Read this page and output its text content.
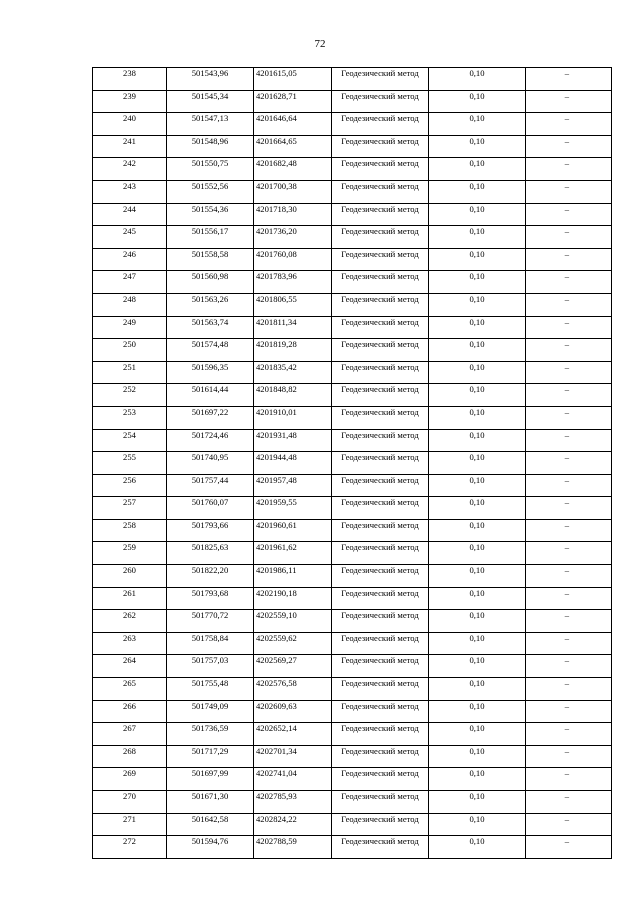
72
238	501543,96	4201615,05	Геодезический метод	0,10	–
239	501545,34	4201628,71	Геодезический метод	0,10	–
240	501547,13	4201646,64	Геодезический метод	0,10	–
241	501548,96	4201664,65	Геодезический метод	0,10	–
242	501550,75	4201682,48	Геодезический метод	0,10	–
243	501552,56	4201700,38	Геодезический метод	0,10	–
244	501554,36	4201718,30	Геодезический метод	0,10	–
245	501556,17	4201736,20	Геодезический метод	0,10	–
246	501558,58	4201760,08	Геодезический метод	0,10	–
247	501560,98	4201783,96	Геодезический метод	0,10	–
248	501563,26	4201806,55	Геодезический метод	0,10	–
249	501563,74	4201811,34	Геодезический метод	0,10	–
250	501574,48	4201819,28	Геодезический метод	0,10	–
251	501596,35	4201835,42	Геодезический метод	0,10	–
252	501614,44	4201848,82	Геодезический метод	0,10	–
253	501697,22	4201910,01	Геодезический метод	0,10	–
254	501724,46	4201931,48	Геодезический метод	0,10	–
255	501740,95	4201944,48	Геодезический метод	0,10	–
256	501757,44	4201957,48	Геодезический метод	0,10	–
257	501760,07	4201959,55	Геодезический метод	0,10	–
258	501793,66	4201960,61	Геодезический метод	0,10	–
259	501825,63	4201961,62	Геодезический метод	0,10	–
260	501822,20	4201986,11	Геодезический метод	0,10	–
261	501793,68	4202190,18	Геодезический метод	0,10	–
262	501770,72	4202559,10	Геодезический метод	0,10	–
263	501758,84	4202559,62	Геодезический метод	0,10	–
264	501757,03	4202569,27	Геодезический метод	0,10	–
265	501755,48	4202576,58	Геодезический метод	0,10	–
266	501749,09	4202609,63	Геодезический метод	0,10	–
267	501736,59	4202652,14	Геодезический метод	0,10	–
268	501717,29	4202701,34	Геодезический метод	0,10	–
269	501697,99	4202741,04	Геодезический метод	0,10	–
270	501671,30	4202785,93	Геодезический метод	0,10	–
271	501642,58	4202824,22	Геодезический метод	0,10	–
272	501594,76	4202788,59	Геодезический метод	0,10	–
